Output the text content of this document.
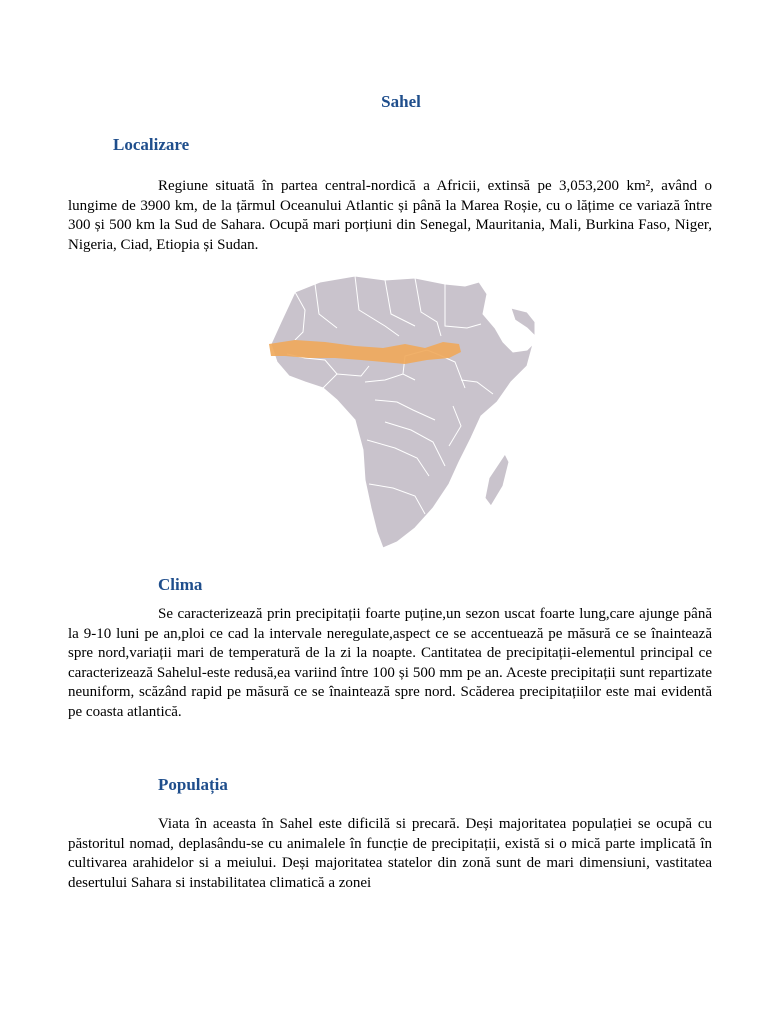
Sahel
Localizare

Regiune situată în partea central-nordică a Africii, extinsă pe 3,053,200 km², având o lungime de 3900 km, de la țărmul Oceanului Atlantic și până la Marea Roșie, cu o lățime ce variază între 300 și 500 km la Sud de Sahara. Ocupă mari porțiuni din Senegal, Mauritania, Mali, Burkina Faso, Niger, Nigeria, Ciad, Etiopia și Sudan.

Clima

Se caracterizează prin precipitații foarte puține,un sezon uscat foarte lung,care ajunge până la 9-10 luni pe an,ploi ce cad la intervale neregulate,aspect ce se accentuează pe măsură ce se înaintează spre nord,variații mari de temperatură de la zi la noapte. Cantitatea de precipitații-elementul principal ce caracterizează Sahelul-este redusă,ea variind între 100 și 500 mm pe an. Aceste precipitații sunt repartizate neuniform, scăzând rapid pe măsură ce se înaintează spre nord. Scăderea precipitațiilor este mai evidentă pe coasta atlantică.

Populația

Viata în aceasta în Sahel este dificilă si precară. Deși majoritatea populației se ocupă cu păstoritul nomad, deplasându-se cu animalele în funcție de precipitații, există si o mică parte implicată în cultivarea arahidelor si a meiului. Deși majoritatea statelor din zonă sunt de mari dimensiuni, vastitatea desertului Sahara si instabilitatea climatică a zonei
